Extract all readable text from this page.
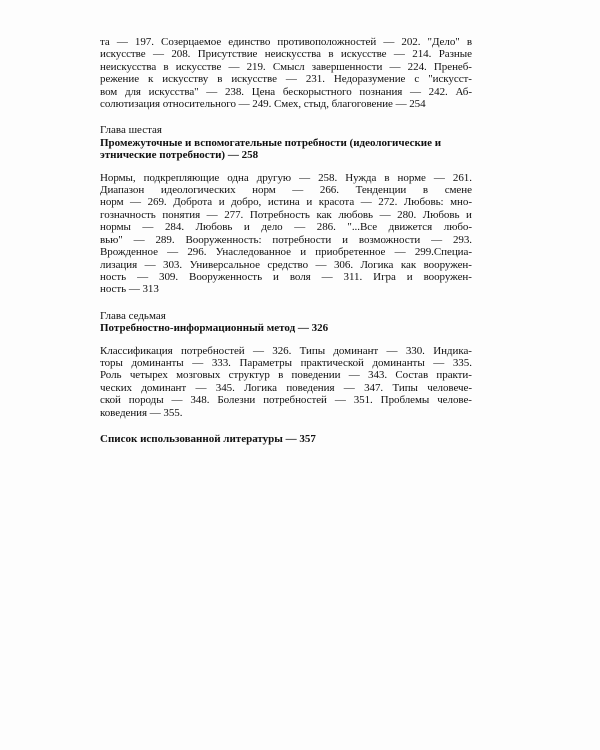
та — 197. Созерцаемое единство противоположностей — 202. "Дело" в
искусстве — 208. Присутствие неискусства в искусстве — 214. Разные
неискусства в искусстве — 219. Смысл завершенности — 224. Пренеб-
режение к искусству в искусстве — 231. Недоразумение с "искусст-
вом для искусства" — 238. Цена бескорыстного познания — 242. Аб-
солютизация относительного — 249. Смех, стыд, благоговение — 254
Глава шестая
Промежуточные и вспомогательные потребности (идеологические и
этнические потребности) — 258
Нормы, подкрепляющие одна другую — 258. Нужда в норме — 261.
Диапазон идеологических норм — 266. Тенденции в смене
норм — 269. Доброта и добро, истина и красота — 272. Любовь: мно-
гозначность понятия — 277. Потребность как любовь — 280. Любовь и
нормы — 284. Любовь и дело — 286. "...Все движется любо-
вью" — 289. Вооруженность: потребности и возможности — 293.
Врожденное — 296. Унаследованное и приобретенное — 299.Специа-
лизация — 303. Универсальное средство — 306. Логика как вооружен-
ность — 309. Вооруженность и воля — 311. Игра и вооружен-
ность — 313
Глава седьмая
Потребностно-информационный метод — 326
Классификация потребностей — 326. Типы доминант — 330. Индика-
торы доминанты — 333. Параметры практической доминанты — 335.
Роль четырех мозговых структур в поведении — 343. Состав практи-
ческих доминант — 345. Логика поведения — 347. Типы человече-
ской породы — 348. Болезни потребностей — 351. Проблемы челове-
коведения — 355.
Список использованной литературы — 357
